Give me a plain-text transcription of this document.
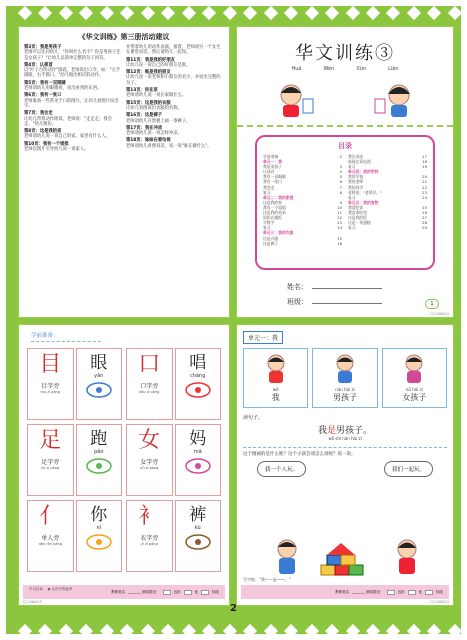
《华文训练》第三册活动建议
第3页：我是男孩子
老师可以先问幼儿："你叫什么名字？你是男孩子还是女孩子？"让幼儿以简单完整的句子回答。
第4页：认部首
以"叶子台阶动作"游戏，老师说出口令，如："左手摸眼，右手摸口。"幼儿做出相应的动作。
第5页：我有一双眼睛
老师请幼儿用眼睛看，说出看到的东西。
第6页：我有一张口
老师准备一些常见于口的图片，让幼儿看图片说出字。
第7页：我会走
让幼儿带着动作朗读，老师说："走走走，我会走。"幼儿模仿。
第8页：这是我的家
老师请幼儿说一说自己的家，家里有什么人。
第10页：我有一个姐姐
老师以图片引导幼儿说一说家人。
并带着幼儿用动作表演，接着，老师请另一个女生在课堂说话，然后请幼儿一起说。
第11页：我是我的好朋友
让幼儿说一说自己的好朋友是谁。
第12页：她是我的朋友
让幼儿说一说老师和小朋友的名字，并说出完整的句子。
第13页：你在家
老师请幼儿说一说在家做什么。
第15页：这是我的衣服
让幼儿看图说出衣服的名称。
第16页：这是裤子
老师请幼儿在黑板上画一条裤子。
第17页：我在冲凉
老师请幼儿说一说怎样冲凉。
第18页：妹妹在看电视
老师请幼儿看图说话，说一说"谁在做什么"。
华文训练③
Huá	Wén	Xùn	Liàn
目录
学前准备	2
单元一：我
我是男孩子	3
认部首	4
我有一双眼睛	5
我有一张口	6
我会走	7
复习	8
单元二：我的家庭
这是我的家	9
我有一个姐姐	10
这是我的弟弟	11
妈妈在做饭	12
写数字	13
复习	14
单元三：我的衣服
这是衣服	15
这是裤子	16
我在冲凉	17
妹妹在看电视	18
复习	19
单元四：我的学校
我的学校	20
我的老师	21
我的同学	22
老师说："老师早。"	23
复习	24
单元五：我的食物
我爱吃饭	25
我喜欢吃鱼	26
这是我的饭	27
这是一块蛋糕	28
复习	29
姓名：
班级：	1
CC-HWXL3
学前准备：
目
目字旁
mù zì páng
眼
yǎn 口
口字旁
kǒu zì páng
唱
chàng
足
足字旁
zú zì páng
跑
pǎo 女
女字旁
nǚ zì páng
妈
mā
亻
单人旁
dān rén páng
你
nǐ 衤
衣字旁
yī zì páng
裤
kù
学习目标： ◆ 认识字的偏旁
教师签名：_______ 测试情况：	良好	优	待改
CC-HWXL3
单元一：我
wǒ
我
nán hái zi
男孩子
nǚ hái zi
女孩子
读句子。
我是男孩子。
wǒ shì nán hái zǐ
这个图画的是什么呢？这个小孩会请怎么说呢？说一说。
我一个人玩。	我们一起玩。
写字帖："我——是——。"
教师签名：_______ 测试情况：	良好	优	待改
CC-HWXL3
2
